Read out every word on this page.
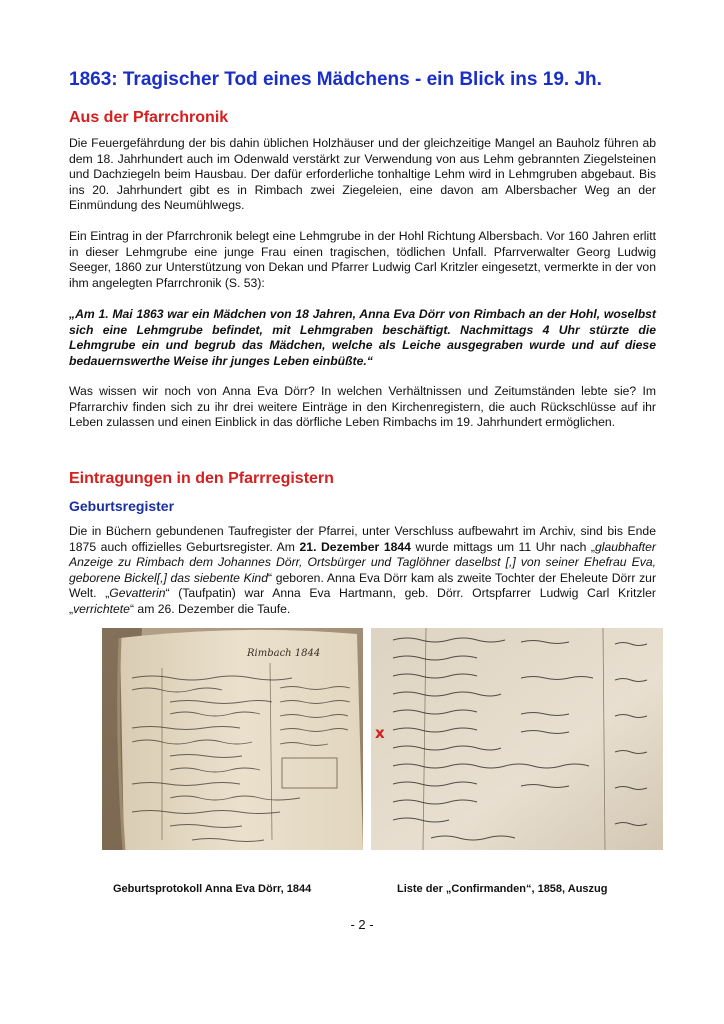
1863: Tragischer Tod eines Mädchens - ein Blick ins 19. Jh.
Aus der Pfarrchronik

Die Feuergefährdung der bis dahin üblichen Holzhäuser und der gleichzeitige Mangel an Bauholz führen ab dem 18. Jahrhundert auch im Odenwald verstärkt zur Verwendung von aus Lehm gebrannten Ziegelsteinen und Dachziegeln beim Hausbau. Der dafür erforderliche tonhaltige Lehm wird in Lehmgruben abgebaut. Bis ins 20. Jahrhundert gibt es in Rimbach zwei Ziegeleien, eine davon am Albersbacher Weg an der Einmündung des Neumühlwegs.

Ein Eintrag in der Pfarrchronik belegt eine Lehmgrube in der Hohl Richtung Albersbach. Vor 160 Jahren erlitt in dieser Lehmgrube eine junge Frau einen tragischen, tödlichen Unfall. Pfarrverwalter Georg Ludwig Seeger, 1860 zur Unterstützung von Dekan und Pfarrer Ludwig Carl Kritzler eingesetzt, vermerkte in der von ihm angelegten Pfarrchronik (S. 53):

„Am 1. Mai 1863 war ein Mädchen von 18 Jahren, Anna Eva Dörr von Rimbach an der Hohl, woselbst sich eine Lehmgrube befindet, mit Lehmgraben beschäftigt. Nachmittags 4 Uhr stürzte die Lehmgrube ein und begrub das Mädchen, welche als Leiche ausgegraben wurde und auf diese bedauernswerthe Weise ihr junges Leben einbüßte.“

Was wissen wir noch von Anna Eva Dörr? In welchen Verhältnissen und Zeitumständen lebte sie? Im Pfarrarchiv finden sich zu ihr drei weitere Einträge in den Kirchenregistern, die auch Rückschlüsse auf ihr Leben zulassen und einen Einblick in das dörfliche Leben Rimbachs im 19. Jahrhundert ermöglichen.

Eintragungen in den Pfarrregistern
Geburtsregister

Die in Büchern gebundenen Taufregister der Pfarrei, unter Verschluss aufbewahrt im Archiv, sind bis Ende 1875 auch offizielles Geburtsregister. Am 21. Dezember 1844 wurde mittags um 11 Uhr nach „glaubhafter Anzeige zu Rimbach dem Johannes Dörr, Ortsbürger und Taglöhner daselbst [,] von seiner Ehefrau Eva, geborene Bickel[,] das siebente Kind“ geboren. Anna Eva Dörr kam als zweite Tochter der Eheleute Dörr zur Welt. „Gevatterin“ (Taufpatin) war Anna Eva Hartmann, geb. Dörr. Ortspfarrer Ludwig Carl Kritzler „verrichtete“ am 26. Dezember die Taufe.

Rimbach 1844
x

Geburtsprotokoll Anna Eva Dörr, 1844	Liste der „Confirmanden“, 1858, Auszug

- 2 -
